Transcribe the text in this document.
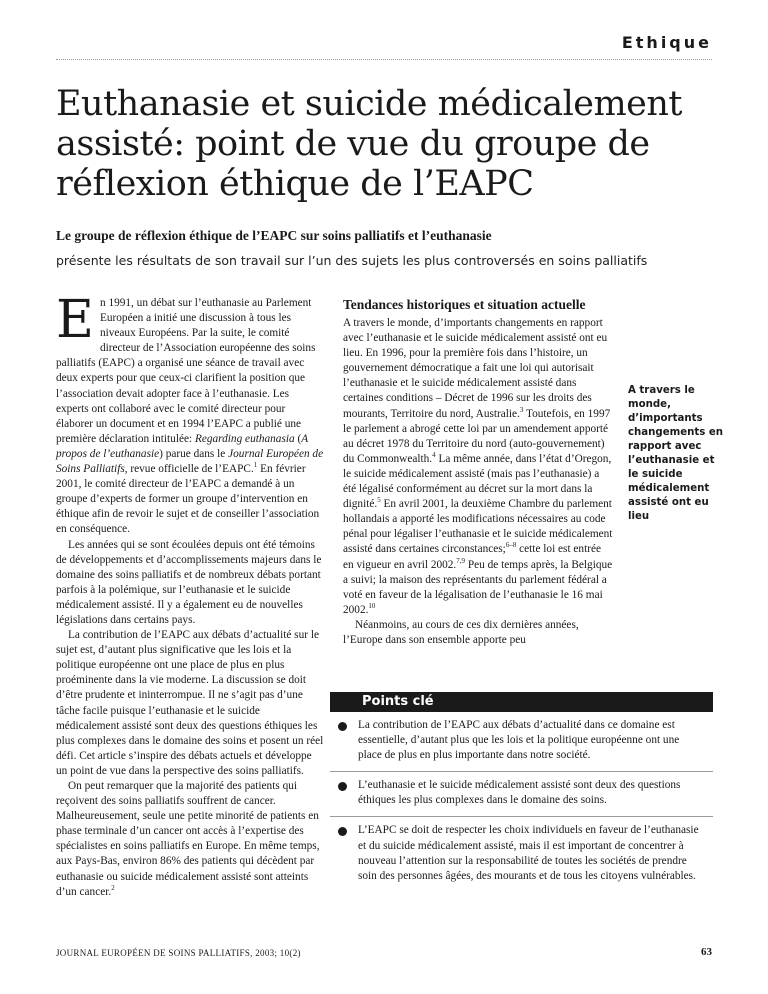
Ethique
Euthanasie et suicide médicalement assisté: point de vue du groupe de réflexion éthique de l’EAPC
Le groupe de réflexion éthique de l’EAPC sur soins palliatifs et l’euthanasie
présente les résultats de son travail sur l’un des sujets les plus controversés en soins palliatifs

En 1991, un débat sur l’euthanasie au Parlement Européen a initié une discussion à tous les niveaux Européens. Par la suite, le comité directeur de l’Association européenne des soins palliatifs (EAPC) a organisé une séance de travail avec deux experts pour que ceux-ci clarifient la position que l’association devait adopter face à l’euthanasie. Les experts ont collaboré avec le comité directeur pour élaborer un document et en 1994 l’EAPC a publié une première déclaration intitulée: Regarding euthanasia (A propos de l’euthanasie) parue dans le Journal Européen de Soins Palliatifs, revue officielle de l’EAPC.$^1$ En février 2001, le comité directeur de l’EAPC a demandé à un groupe d’experts de former un groupe d’intervention en éthique afin de revoir le sujet et de conseiller l’association en conséquence.

Les années qui se sont écoulées depuis ont été témoins de développements et d’accomplissements majeurs dans le domaine des soins palliatifs et de nombreux débats portant parfois à la polémique, sur l’euthanasie et le suicide médicalement assisté. Il y a également eu de nouvelles législations dans certains pays.

La contribution de l’EAPC aux débats d’actualité sur le sujet est, d’autant plus significative que les lois et la politique européenne ont une place de plus en plus proéminente dans la vie moderne. La discussion se doit d’être prudente et ininterrompue. Il ne s’agit pas d’une tâche facile puisque l’euthanasie et le suicide médicalement assisté sont deux des questions éthiques les plus complexes dans le domaine des soins et posent un réel défi. Cet article s’inspire des débats actuels et développe un point de vue dans la perspective des soins palliatifs.

On peut remarquer que la majorité des patients qui reçoivent des soins palliatifs souffrent de cancer. Malheureusement, seule une petite minorité de patients en phase terminale d’un cancer ont accès à l’expertise des spécialistes en soins palliatifs en Europe. En même temps, aux Pays-Bas, environ 86% des patients qui décèdent par euthanasie ou suicide médicalement assisté sont atteints d’un cancer.$^2$

Tendances historiques et situation actuelle

A travers le monde, d’importants changements en rapport avec l’euthanasie et le suicide médicalement assisté ont eu lieu. En 1996, pour la première fois dans l’histoire, un gouvernement démocratique a fait une loi qui autorisait l’euthanasie et le suicide médicalement assisté dans certaines conditions – Décret de 1996 sur les droits des mourants, Territoire du nord, Australie.$^3$ Toutefois, en 1997 le parlement a abrogé cette loi par un amendement apporté au décret 1978 du Territoire du nord (auto-gouvernement) du Commonwealth.$^4$ La même année, dans l’état d’Oregon, le suicide médicalement assisté (mais pas l’euthanasie) a été légalisé conformément au décret sur la mort dans la dignité.$^5$ En avril 2001, la deuxième Chambre du parlement hollandais a apporté les modifications nécessaires au code pénal pour légaliser l’euthanasie et le suicide médicalement assisté dans certaines circonstances;$^{6-8}$ cette loi est entrée en vigueur en avril 2002.$^{7,9}$ Peu de temps après, la Belgique a suivi; la maison des représentants du parlement fédéral a voté en faveur de la légalisation de l’euthanasie le 16 mai 2002.10

Néanmoins, au cours de ces dix dernières années, l’Europe dans son ensemble apporte peu

A travers le monde, d’importants changements en rapport avec l’euthanasie et le suicide médicalement assisté ont eu lieu
Points clé
La contribution de l’EAPC aux débats d’actualité dans ce domaine est essentielle, d’autant plus que les lois et la politique européenne ont une place de plus en plus importante dans notre société.
L’euthanasie et le suicide médicalement assisté sont deux des questions éthiques les plus complexes dans le domaine des soins.
L’EAPC se doit de respecter les choix individuels en faveur de l’euthanasie et du suicide médicalement assisté, mais il est important de concentrer à nouveau l’attention sur la responsabilité de toutes les sociétés de prendre soin des personnes âgées, des mourants et de tous les citoyens vulnérables.
JOURNAL EUROPÉEN DE SOINS PALLIATIFS, 2003; 10(2)	63
